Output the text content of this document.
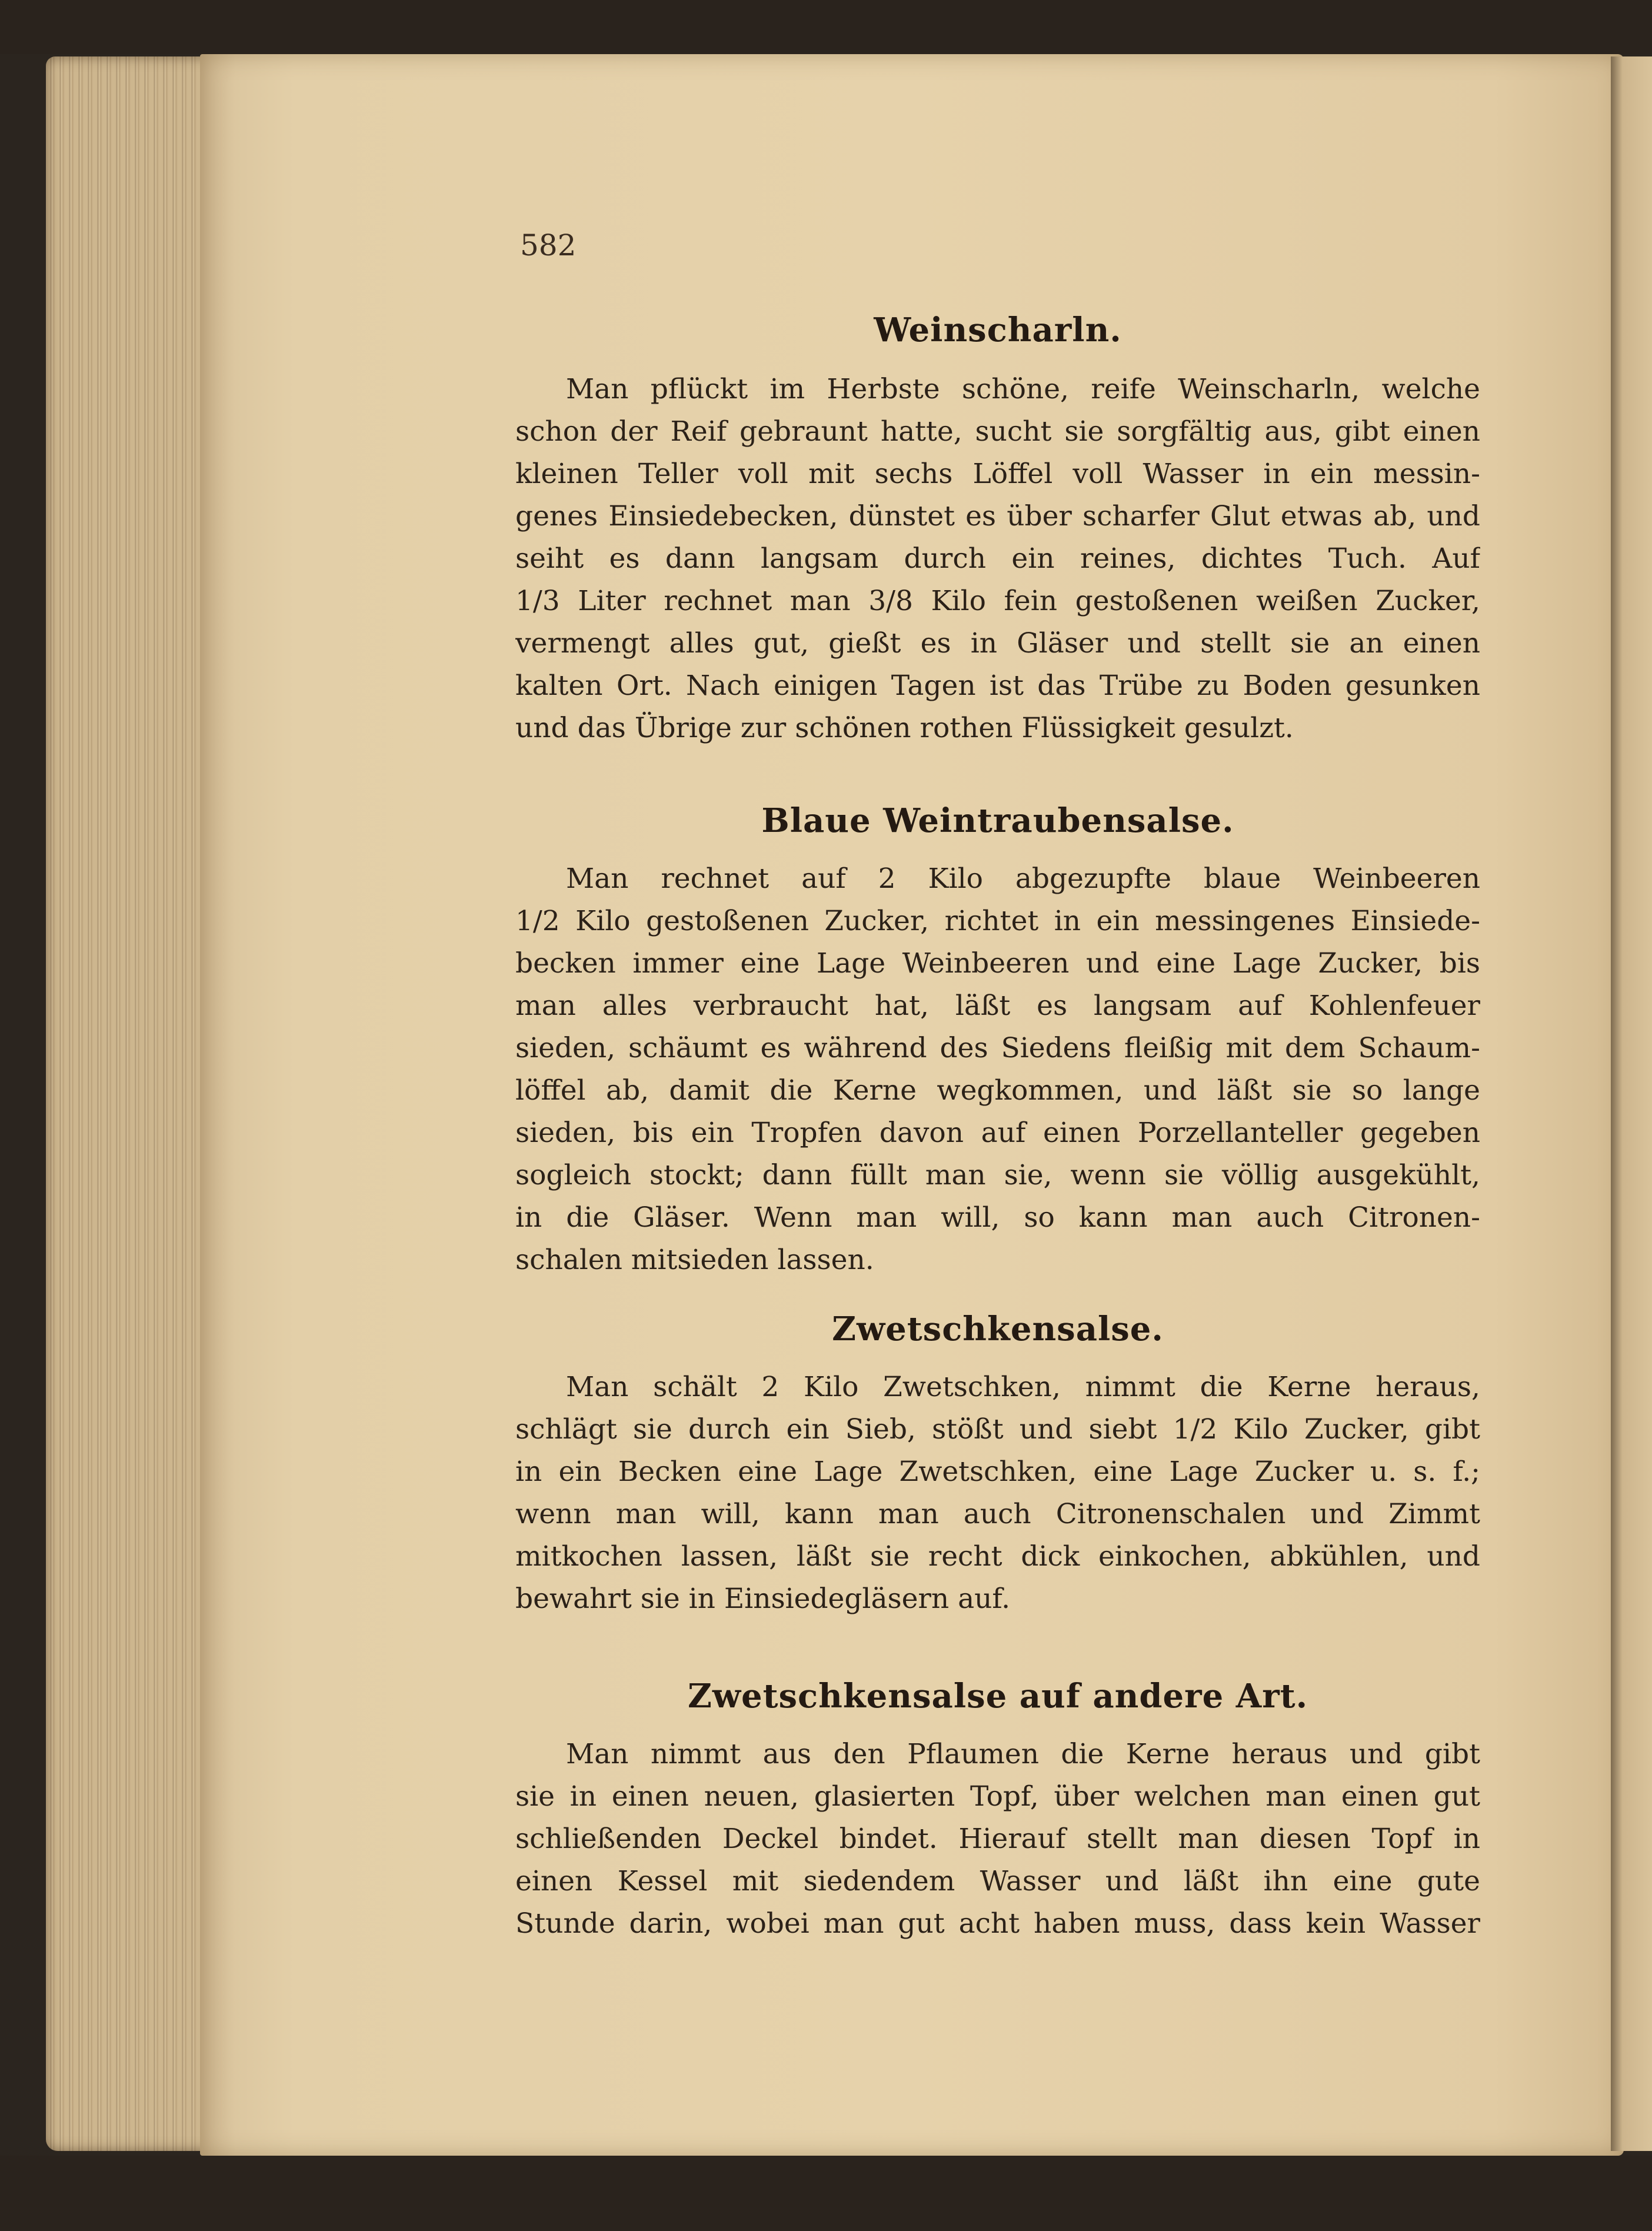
582
Weinscharln.
Man pflückt im Herbste schöne, reife Weinscharln, welche
schon der Reif gebraunt hatte, sucht sie sorgfältig aus, gibt einen
kleinen Teller voll mit sechs Löffel voll Wasser in ein messin-
genes Einsiedebecken, dünstet es über scharfer Glut etwas ab, und
seiht es dann langsam durch ein reines, dichtes Tuch. Auf
1/3 Liter rechnet man 3/8 Kilo fein gestoßenen weißen Zucker,
vermengt alles gut, gießt es in Gläser und stellt sie an einen
kalten Ort. Nach einigen Tagen ist das Trübe zu Boden gesunken
und das Übrige zur schönen rothen Flüssigkeit gesulzt.
Blaue Weintraubensalse.
Man rechnet auf 2 Kilo abgezupfte blaue Weinbeeren
1/2 Kilo gestoßenen Zucker, richtet in ein messingenes Einsiede-
becken immer eine Lage Weinbeeren und eine Lage Zucker, bis
man alles verbraucht hat, läßt es langsam auf Kohlenfeuer
sieden, schäumt es während des Siedens fleißig mit dem Schaum-
löffel ab, damit die Kerne wegkommen, und läßt sie so lange
sieden, bis ein Tropfen davon auf einen Porzellanteller gegeben
sogleich stockt; dann füllt man sie, wenn sie völlig ausgekühlt,
in die Gläser. Wenn man will, so kann man auch Citronen-
schalen mitsieden lassen.
Zwetschkensalse.
Man schält 2 Kilo Zwetschken, nimmt die Kerne heraus,
schlägt sie durch ein Sieb, stößt und siebt 1/2 Kilo Zucker, gibt
in ein Becken eine Lage Zwetschken, eine Lage Zucker u. s. f.;
wenn man will, kann man auch Citronenschalen und Zimmt
mitkochen lassen, läßt sie recht dick einkochen, abkühlen, und
bewahrt sie in Einsiedegläsern auf.
Zwetschkensalse auf andere Art.
Man nimmt aus den Pflaumen die Kerne heraus und gibt
sie in einen neuen, glasierten Topf, über welchen man einen gut
schließenden Deckel bindet. Hierauf stellt man diesen Topf in
einen Kessel mit siedendem Wasser und läßt ihn eine gute
Stunde darin, wobei man gut acht haben muss, dass kein Wasser
